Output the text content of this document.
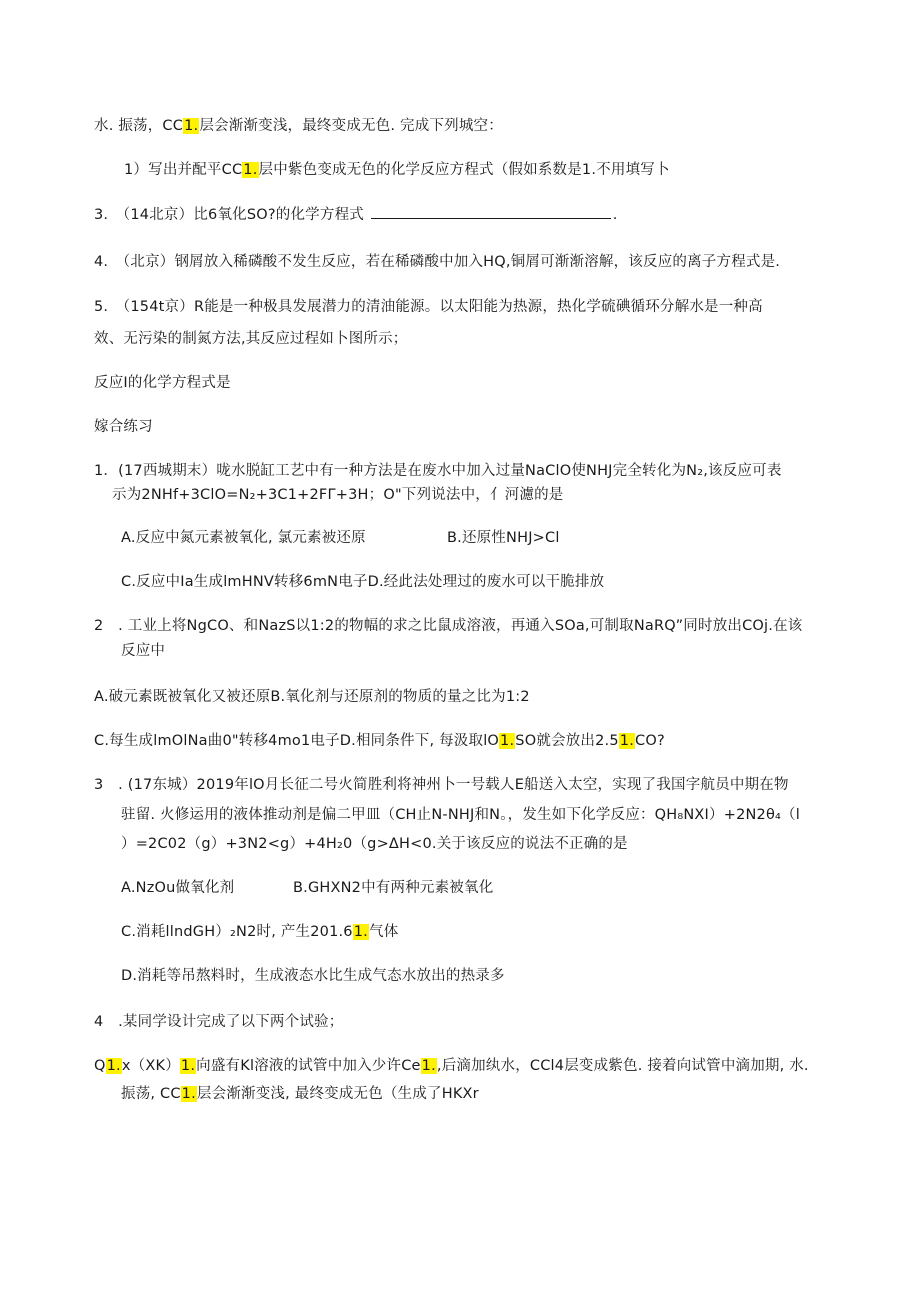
水. 振荡，CC1.层会渐渐变浅，最终变成无色. 完成下列城空：
1）写出并配平CC1.层中紫色变成无色的化学反应方程式（假如系数是1.不用填写卜
3.　（14北京）比6氧化SO?的化学方程式	.
4.　（北京）钢屑放入稀磷酸不发生反应，若在稀磷酸中加入HQ,铜屑可渐渐溶解，该反应的离子方程式是.
5.　（154t京）R能是一种极具发展潜力的清油能源。以太阳能为热源，热化学硫碘循环分解水是一种高
效、无污染的制氮方法,其反应过程如卜图所示；
反应I的化学方程式是
嫁合练习
1．(17西城期末）咙水脱缸工艺中有一种方法是在废水中加入过量NaClO使NHJ完全转化为N₂,该反应可表
示为2NHf+3ClO=N₂+3C1+2FΓ+3H；O"下列说法中，亻河濾的是
A.反应中氮元素被氧化, 氯元素被还原	B.还原性NHJ>Cl
C.反应中Ia生成lmHNV转移6mN电子D.经此法处理过的废水可以干脆排放
2　. 工业上将NgCO、和NazS以1:2的物幅的求之比鼠成溶液，再通入SOa,可制取NaRQ”同时放出COj.在该
反应中
A.破元素既被氧化又被还原B.氧化剂与还原剂的物质的量之比为1:2
C.每生成lmOlNa曲0"转移4mo1电子D.相同条件下, 每汲取lO1.SO就会放出2.51.CO?
3　. (17东城）2019年lO月长征二号火简胜利将神州卜一号载人E船送入太空，实现了我国字航员中期在物
驻留. 火修运用的液体推动剂是偏二甲皿（CH止N-NHJ和N。，发生如下化学反应：QH₈NXI）+2N2θ₄（l
）=2C02（g）+3N2<g）+4H₂0（g>ΔH<0.关于该反应的说法不正确的是
A.NzOu做氧化剂	B.GHXN2中有两种元素被氧化
C.消耗llndGH）₂N2时, 产生201.61.气体
D.消耗等吊熬料时，生成液态水比生成气态水放出的热录多
4　.某同学设计完成了以下两个试验；
Q1.x（XK）1.向盛有Kl溶液的试管中加入少许Ce1.,后滴加纨水，CCl4层变成紫色. 接着向试管中滴加期, 水.
振荡, CC1.层会渐渐变浅, 最终变成无色（生成了HKXr
